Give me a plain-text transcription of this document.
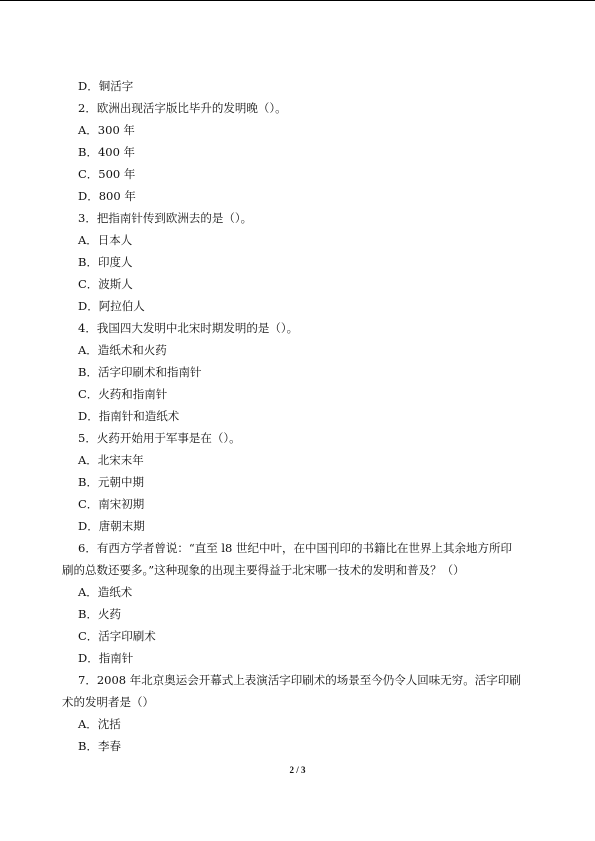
D．铜活字
2．欧洲出现活字版比毕升的发明晚（）。
A．300 年
B．400 年
C．500 年
D．800 年
3．把指南针传到欧洲去的是（）。
A．日本人
B．印度人
C．波斯人
D．阿拉伯人
4．我国四大发明中北宋时期发明的是（）。
A．造纸术和火药
B．活字印刷术和指南针
C．火药和指南针
D．指南针和造纸术
5．火药开始用于军事是在（）。
A．北宋末年
B．元朝中期
C．南宋初期
D．唐朝末期
6．有西方学者曾说：“直至 l8 世纪中叶，在中国刊印的书籍比在世界上其余地方所印
刷的总数还要多。”这种现象的出现主要得益于北宋哪一技术的发明和普及？（）
A．造纸术
B．火药
C．活字印刷术
D．指南针
7．2008 年北京奥运会开幕式上表演活字印刷术的场景至今仍令人回味无穷。活字印刷
术的发明者是（）
A．沈括
B．李春
2 / 3
